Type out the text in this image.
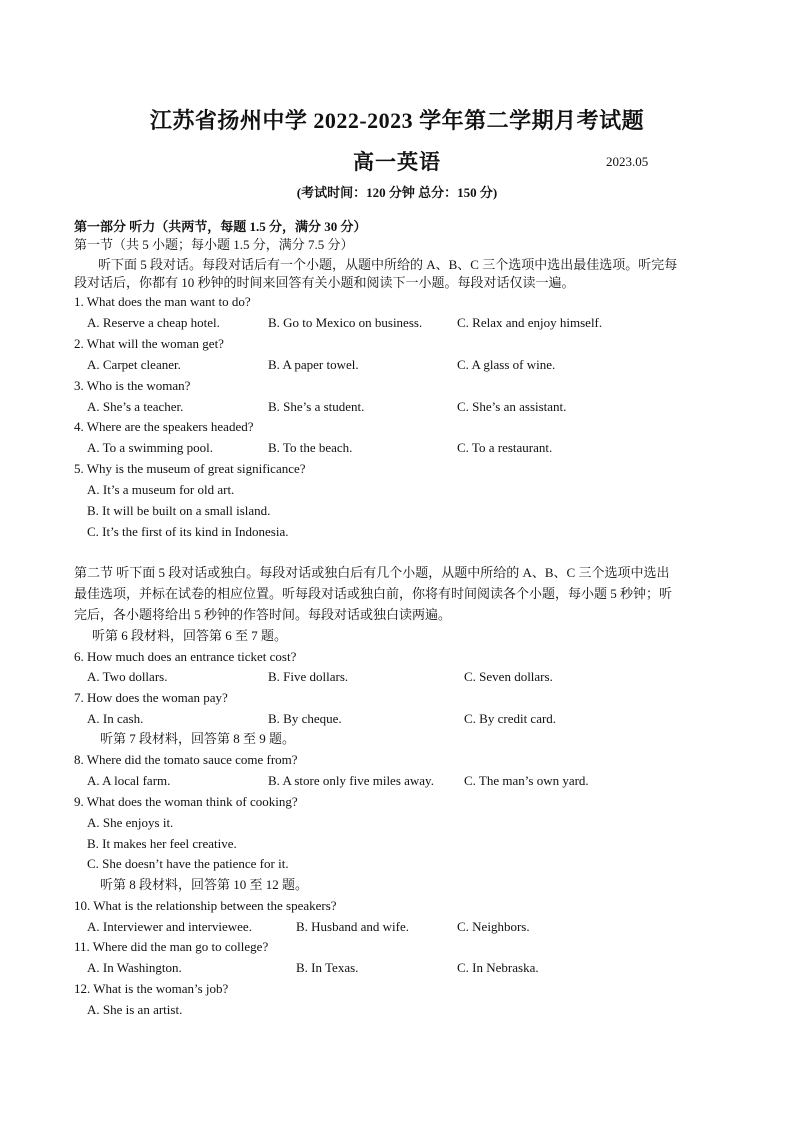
江苏省扬州中学 2022-2023 学年第二学期月考试题
高一英语	2023.05
(考试时间：120 分钟 总分：150 分)
第一部分 听力（共两节，每题 1.5 分，满分 30 分）
第一节（共 5 小题；每小题 1.5 分，满分 7.5 分）
听下面 5 段对话。每段对话后有一个小题，从题中所给的 A、B、C 三个选项中选出最佳选项。听完每
段对话后，你都有 10 秒钟的时间来回答有关小题和阅读下一小题。每段对话仅读一遍。
1. What does the man want to do?
A. Reserve a cheap hotel.	B. Go to Mexico on business.	C. Relax and enjoy himself.
2. What will the woman get?
A. Carpet cleaner.	B. A paper towel.	C. A glass of wine.
3. Who is the woman?
A. She’s a teacher.	B. She’s a student.	C. She’s an assistant.
4. Where are the speakers headed?
A. To a swimming pool.	B. To the beach.	C. To a restaurant.
5. Why is the museum of great significance?
A. It’s a museum for old art.
B. It will be built on a small island.
C. It’s the first of its kind in Indonesia.
第二节 听下面 5 段对话或独白。每段对话或独白后有几个小题，从题中所给的 A、B、C 三个选项中选出
最佳选项，并标在试卷的相应位置。听每段对话或独白前，你将有时间阅读各个小题，每小题 5 秒钟；听
完后，各小题将给出 5 秒钟的作答时间。每段对话或独白读两遍。
听第 6 段材料，回答第 6 至 7 题。
6. How much does an entrance ticket cost?
A. Two dollars.	B. Five dollars.	C. Seven dollars.
7. How does the woman pay?
A. In cash.	B. By cheque.	C. By credit card.
听第 7 段材料，回答第 8 至 9 题。
8. Where did the tomato sauce come from?
A. A local farm.	B. A store only five miles away. C. The man’s own yard.
9. What does the woman think of cooking?
A. She enjoys it.
B. It makes her feel creative.
C. She doesn’t have the patience for it.
听第 8 段材料，回答第 10 至 12 题。
10. What is the relationship between the speakers?
A. Interviewer and interviewee.	B. Husband and wife.	C. Neighbors.
11. Where did the man go to college?
A. In Washington.	B. In Texas.	C. In Nebraska.
12. What is the woman’s job?
A. She is an artist.
